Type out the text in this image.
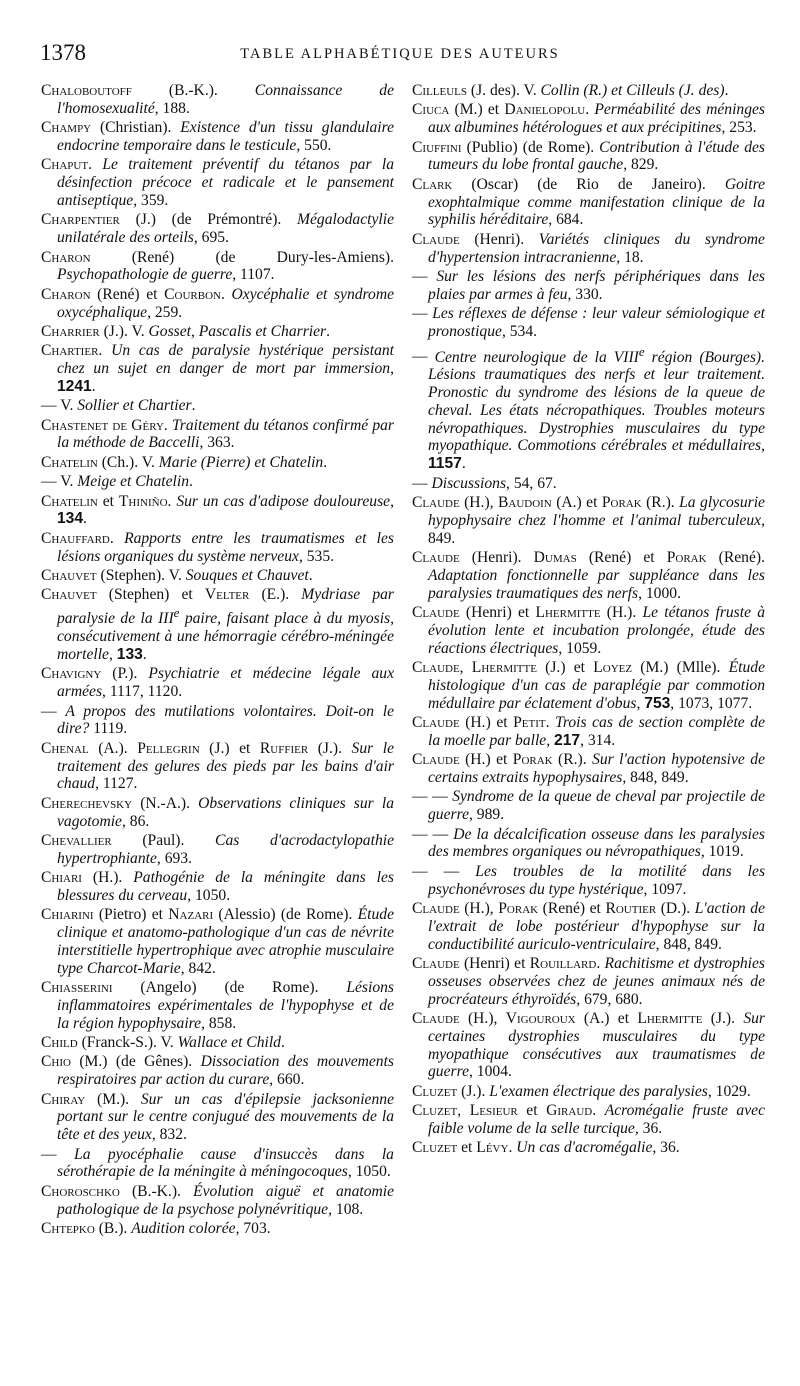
1378	TABLE ALPHABÉTIQUE DES AUTEURS

Chaloboutoff (B.-K.). Connaissance de l'homosexualité, 188.

Champy (Christian). Existence d'un tissu glandulaire endocrine temporaire dans le testicule, 550.

Chaput. Le traitement préventif du tétanos par la désinfection précoce et radicale et le pansement antiseptique, 359.

Charpentier (J.) (de Prémontré). Mégalodactylie unilatérale des orteils, 695.

Charon (René) (de Dury-les-Amiens). Psychopathologie de guerre, 1107.

Charon (René) et Courbon. Oxycéphalie et syndrome oxycéphalique, 259.

Charrier (J.). V. Gosset, Pascalis et Charrier.

Chartier. Un cas de paralysie hystérique persistant chez un sujet en danger de mort par immersion, 1241.

— V. Sollier et Chartier.

Chastenet de Géry. Traitement du tétanos confirmé par la méthode de Baccelli, 363.

Chatelin (Ch.). V. Marie (Pierre) et Chatelin.

— V. Meige et Chatelin.

Chatelin et Thiniño. Sur un cas d'adipose douloureuse, 134.

Chauffard. Rapports entre les traumatismes et les lésions organiques du système nerveux, 535.

Chauvet (Stephen). V. Souques et Chauvet.

Chauvet (Stephen) et Velter (E.). Mydriase par paralysie de la IIIe paire, faisant place à du myosis, consécutivement à une hémorragie cérébro-méningée mortelle, 133.

Chavigny (P.). Psychiatrie et médecine légale aux armées, 1117, 1120.

— A propos des mutilations volontaires. Doit-on le dire? 1119.

Chenal (A.). Pellegrin (J.) et Ruffier (J.). Sur le traitement des gelures des pieds par les bains d'air chaud, 1127.

Cherechevsky (N.-A.). Observations cliniques sur la vagotomie, 86.

Chevallier (Paul). Cas d'acrodactylopathie hypertrophiante, 693.

Chiari (H.). Pathogénie de la méningite dans les blessures du cerveau, 1050.

Chiarini (Pietro) et Nazari (Alessio) (de Rome). Étude clinique et anatomo-pathologique d'un cas de névrite interstitielle hypertrophique avec atrophie musculaire type Charcot-Marie, 842.

Chiasserini (Angelo) (de Rome). Lésions inflammatoires expérimentales de l'hypophyse et de la région hypophysaire, 858.

Child (Franck-S.). V. Wallace et Child.

Chio (M.) (de Gênes). Dissociation des mouvements respiratoires par action du curare, 660.

Chiray (M.). Sur un cas d'épilepsie jacksonienne portant sur le centre conjugué des mouvements de la tête et des yeux, 832.

— La pyocéphalie cause d'insuccès dans la sérothérapie de la méningite à méningocoques, 1050.

Choroschko (B.-K.). Évolution aiguë et anatomie pathologique de la psychose polynévritique, 108.

Chtepko (B.). Audition colorée, 703.

Cilleuls (J. des). V. Collin (R.) et Cilleuls (J. des).

Ciuca (M.) et Danielopolu. Perméabilité des méninges aux albumines hétérologues et aux précipitines, 253.

Ciuffini (Publio) (de Rome). Contribution à l'étude des tumeurs du lobe frontal gauche, 829.

Clark (Oscar) (de Rio de Janeiro). Goitre exophtalmique comme manifestation clinique de la syphilis héréditaire, 684.

Claude (Henri). Variétés cliniques du syndrome d'hypertension intracranienne, 18.

— Sur les lésions des nerfs périphériques dans les plaies par armes à feu, 330.

— Les réflexes de défense : leur valeur sémiologique et pronostique, 534.

— Centre neurologique de la VIIIe région (Bourges). Lésions traumatiques des nerfs et leur traitement. Pronostic du syndrome des lésions de la queue de cheval. Les états nécropathiques. Troubles moteurs névropathiques. Dystrophies musculaires du type myopathique. Commotions cérébrales et médullaires, 1157.

— Discussions, 54, 67.

Claude (H.), Baudoin (A.) et Porak (R.). La glycosurie hypophysaire chez l'homme et l'animal tuberculeux, 849.

Claude (Henri). Dumas (René) et Porak (René). Adaptation fonctionnelle par suppléance dans les paralysies traumatiques des nerfs, 1000.

Claude (Henri) et Lhermitte (H.). Le tétanos fruste à évolution lente et incubation prolongée, étude des réactions électriques, 1059.

Claude, Lhermitte (J.) et Loyez (M.) (Mlle). Étude histologique d'un cas de paraplégie par commotion médullaire par éclatement d'obus, 753, 1073, 1077.

Claude (H.) et Petit. Trois cas de section complète de la moelle par balle, 217, 314.

Claude (H.) et Porak (R.). Sur l'action hypotensive de certains extraits hypophysaires, 848, 849.

— — Syndrome de la queue de cheval par projectile de guerre, 989.

— — De la décalcification osseuse dans les paralysies des membres organiques ou névropathiques, 1019.

— — Les troubles de la motilité dans les psychonévroses du type hystérique, 1097.

Claude (H.), Porak (René) et Routier (D.). L'action de l'extrait de lobe postérieur d'hypophyse sur la conductibilité auriculo-ventriculaire, 848, 849.

Claude (Henri) et Rouillard. Rachitisme et dystrophies osseuses observées chez de jeunes animaux nés de procréateurs éthyroïdés, 679, 680.

Claude (H.), Vigouroux (A.) et Lhermitte (J.). Sur certaines dystrophies musculaires du type myopathique consécutives aux traumatismes de guerre, 1004.

Cluzet (J.). L'examen électrique des paralysies, 1029.

Cluzet, Lesieur et Giraud. Acromégalie fruste avec faible volume de la selle turcique, 36.

Cluzet et Lévy. Un cas d'acromégalie, 36.
